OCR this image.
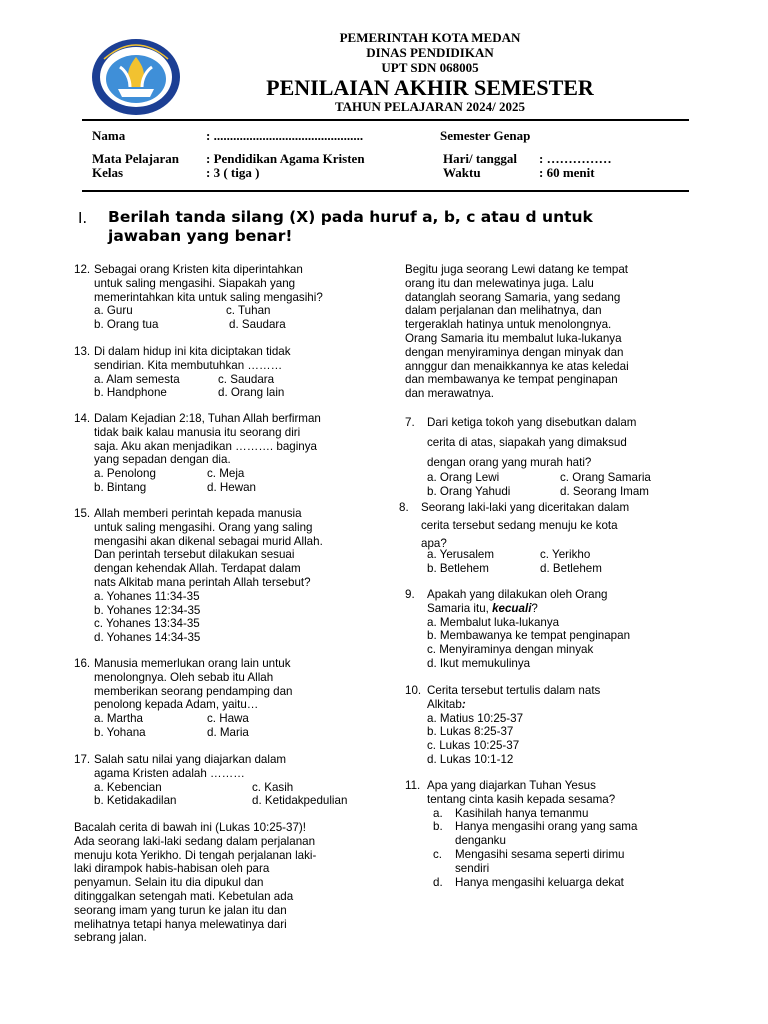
PEMERINTAH KOTA MEDAN
DINAS PENDIDIKAN
UPT SDN 068005
PENILAIAN AKHIR SEMESTER
TAHUN PELAJARAN 2024/ 2025
Nama	: ..............................................	Semester Genap
Mata Pelajaran : Pendidikan Agama Kristen	Hari/ tanggal : ……………
Kelas	: 3 ( tiga )	Waktu	: 60 menit
I. Berilah tanda silang (X) pada huruf a, b, c atau d untuk
jawaban yang benar!
12. Sebagai orang Kristen kita diperintahkan
untuk saling mengasihi. Siapakah yang
memerintahkan kita untuk saling mengasihi?
a. Guru	c. Tuhan
b. Orang tua	d. Saudara
13. Di dalam hidup ini kita diciptakan tidak
sendirian. Kita membutuhkan ………
a. Alam semesta	c. Saudara
b. Handphone	d. Orang lain
14. Dalam Kejadian 2:18, Tuhan Allah berfirman
tidak baik kalau manusia itu seorang diri
saja. Aku akan menjadikan ………. baginya
yang sepadan dengan dia.
a. Penolong	c. Meja
b. Bintang	d. Hewan
15. Allah memberi perintah kepada manusia
untuk saling mengasihi. Orang yang saling
mengasihi akan dikenal sebagai murid Allah.
Dan perintah tersebut dilakukan sesuai
dengan kehendak Allah. Terdapat dalam
nats Alkitab mana perintah Allah tersebut?
a. Yohanes 11:34-35
b. Yohanes 12:34-35
c. Yohanes 13:34-35
d. Yohanes 14:34-35
16. Manusia memerlukan orang lain untuk
menolongnya. Oleh sebab itu Allah
memberikan seorang pendamping dan
penolong kepada Adam, yaitu…
a. Martha	c. Hawa
b. Yohana	d. Maria
17. Salah satu nilai yang diajarkan dalam
agama Kristen adalah ………
a. Kebencian	c. Kasih
b. Ketidakadilan	d. Ketidakpedulian
Bacalah cerita di bawah ini (Lukas 10:25-37)!
Ada seorang laki-laki sedang dalam perjalanan
menuju kota Yerikho. Di tengah perjalanan laki-
laki dirampok habis-habisan oleh para
penyamun. Selain itu dia dipukul dan
ditinggalkan setengah mati. Kebetulan ada
seorang imam yang turun ke jalan itu dan
melihatnya tetapi hanya melewatinya dari
sebrang jalan.
Begitu juga seorang Lewi datang ke tempat
orang itu dan melewatinya juga. Lalu
datanglah seorang Samaria, yang sedang
dalam perjalanan dan melihatnya, dan
tergeraklah hatinya untuk menolongnya.
Orang Samaria itu membalut luka-lukanya
dengan menyiraminya dengan minyak dan
annggur dan menaikkannya ke atas keledai
dan membawanya ke tempat penginapan
dan merawatnya.
7. Dari ketiga tokoh yang disebutkan dalam
cerita di atas, siapakah yang dimaksud
dengan orang yang murah hati?
a. Orang Lewi	c. Orang Samaria
b. Orang Yahudi	d. Seorang Imam
8. Seorang laki-laki yang diceritakan dalam
cerita tersebut sedang menuju ke kota
apa?
a. Yerusalem	c. Yerikho
b. Betlehem	d. Betlehem
9. Apakah yang dilakukan oleh Orang
Samaria itu, kecuali?
a. Membalut luka-lukanya
b. Membawanya ke tempat penginapan
c. Menyiraminya dengan minyak
d. Ikut memukulinya
10. Cerita tersebut tertulis dalam nats
Alkitab:
a. Matius 10:25-37
b. Lukas 8:25-37
c. Lukas 10:25-37
d. Lukas 10:1-12
11. Apa yang diajarkan Tuhan Yesus
tentang cinta kasih kepada sesama?
a. Kasihilah hanya temanmu
b. Hanya mengasihi orang yang sama
denganku
c. Mengasihi sesama seperti dirimu
sendiri
d. Hanya mengasihi keluarga dekat
